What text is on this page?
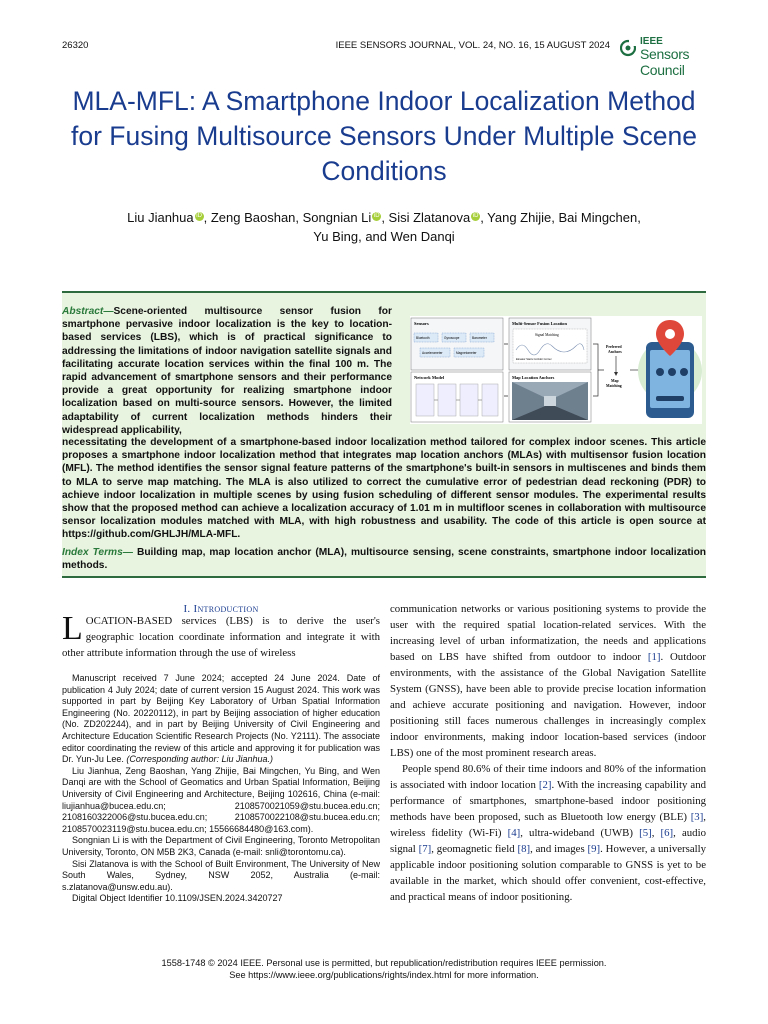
26320	IEEE SENSORS JOURNAL, VOL. 24, NO. 16, 15 AUGUST 2024	IEEE
Sensors Council
MLA-MFL: A Smartphone Indoor Localization Method for Fusing Multisource Sensors Under Multiple Scene Conditions
Liu Jianhua iD , Zeng Baoshan, Songnian Li iD , Sisi Zlatanova iD , Yang Zhijie, Bai Mingchen,
Yu Bing, and Wen Danqi
Abstract—Scene-oriented multisource sensor fusion for smartphone pervasive indoor localization is the key to location-based services (LBS), which is of practical significance to addressing the limitations of indoor navigation satellite signals and facilitating accurate location services within the final 100 m. The rapid advancement of smartphone sensors and their performance provide a great opportunity for realizing smartphone indoor localization based on multi-source sensors. However, the limited adaptability of current localization methods hinders their widespread applicability,
necessitating the development of a smartphone-based indoor localization method tailored for complex indoor scenes. This article proposes a smartphone indoor localization method that integrates map location anchors (MLAs) with multisensor fusion location (MFL). The method identifies the sensor signal feature patterns of the smartphone's built-in sensors in multiscenes and binds them to MLA to serve map matching. The MLA is also utilized to correct the cumulative error of pedestrian dead reckoning (PDR) to achieve indoor localization in multiple scenes by using fusion scheduling of different sensor modules. The experimental results show that the proposed method can achieve a localization accuracy of 1.01 m in multifloor scenes in collaboration with multisource sensor localization modules matched with MLA, with high robustness and usability. The code of this article is open source at https://github.com/GHLJH/MLA-MFL.
Index Terms— Building map, map location anchor (MLA), multisource sensing, scene constraints, smartphone indoor localization methods.
Sensors
Bluetooth	Gyroscope	Barometer
Accelerometer	Magnetometer
Network Model
Multi-Sensor Fusion Location
Signal Matching
Elevator Stairs Corridor Corner
Map Location Anchors
Preferred
Anchors
Map
Matching
I. Introduction
LOCATION-BASED services (LBS) is to derive the user's geographic location coordinate information and integrate it with other attribute information through the use of wireless

Manuscript received 7 June 2024; accepted 24 June 2024. Date of publication 4 July 2024; date of current version 15 August 2024. This work was supported in part by Beijing Key Laboratory of Urban Spatial Information Engineering (No. 20220112), in part by Beijing association of higher education (No. ZD202244), and in part by Beijing University of Civil Engineering and Architecture Education Scientific Research Projects (No. Y2111). The associate editor coordinating the review of this article and approving it for publication was Dr. Yun-Ju Lee. (Corresponding author: Liu Jianhua.)

Liu Jianhua, Zeng Baoshan, Yang Zhijie, Bai Mingchen, Yu Bing, and Wen Danqi are with the School of Geomatics and Urban Spatial Information, Beijing University of Civil Engineering and Architecture, Beijing 102616, China (e-mail: liujianhua@bucea.edu.cn; 2108570021059@stu.bucea.edu.cn; 2108160322006@stu.bucea.edu.cn; 2108570022108@stu.bucea.edu.cn; 2108570023119@stu.bucea.edu.cn; 15566684480@163.com).

Songnian Li is with the Department of Civil Engineering, Toronto Metropolitan University, Toronto, ON M5B 2K3, Canada (e-mail: snli@torontomu.ca).

Sisi Zlatanova is with the School of Built Environment, The University of New South Wales, Sydney, NSW 2052, Australia (e-mail: s.zlatanova@unsw.edu.au).

Digital Object Identifier 10.1109/JSEN.2024.3420727

communication networks or various positioning systems to provide the user with the required spatial location-related services. With the increasing level of urban informatization, the needs and applications based on LBS have shifted from outdoor to indoor [1]. Outdoor environments, with the assistance of the Global Navigation Satellite System (GNSS), have been able to provide precise location information and achieve accurate positioning and navigation. However, indoor positioning still faces numerous challenges in increasingly complex indoor environments, making indoor location-based services (indoor LBS) one of the most prominent research areas.
People spend 80.6% of their time indoors and 80% of the information is associated with indoor location [2]. With the increasing capability and performance of smartphones, smartphone-based indoor positioning methods have been proposed, such as Bluetooth low energy (BLE) [3], wireless fidelity (Wi-Fi) [4], ultra-wideband (UWB) [5], [6], audio signal [7], geomagnetic field [8], and images [9]. However, a universally applicable indoor positioning solution comparable to GNSS is yet to be available in the market, which should offer convenient, cost-effective, and practical means of indoor positioning.
1558-1748 © 2024 IEEE. Personal use is permitted, but republication/redistribution requires IEEE permission.
See https://www.ieee.org/publications/rights/index.html for more information.
